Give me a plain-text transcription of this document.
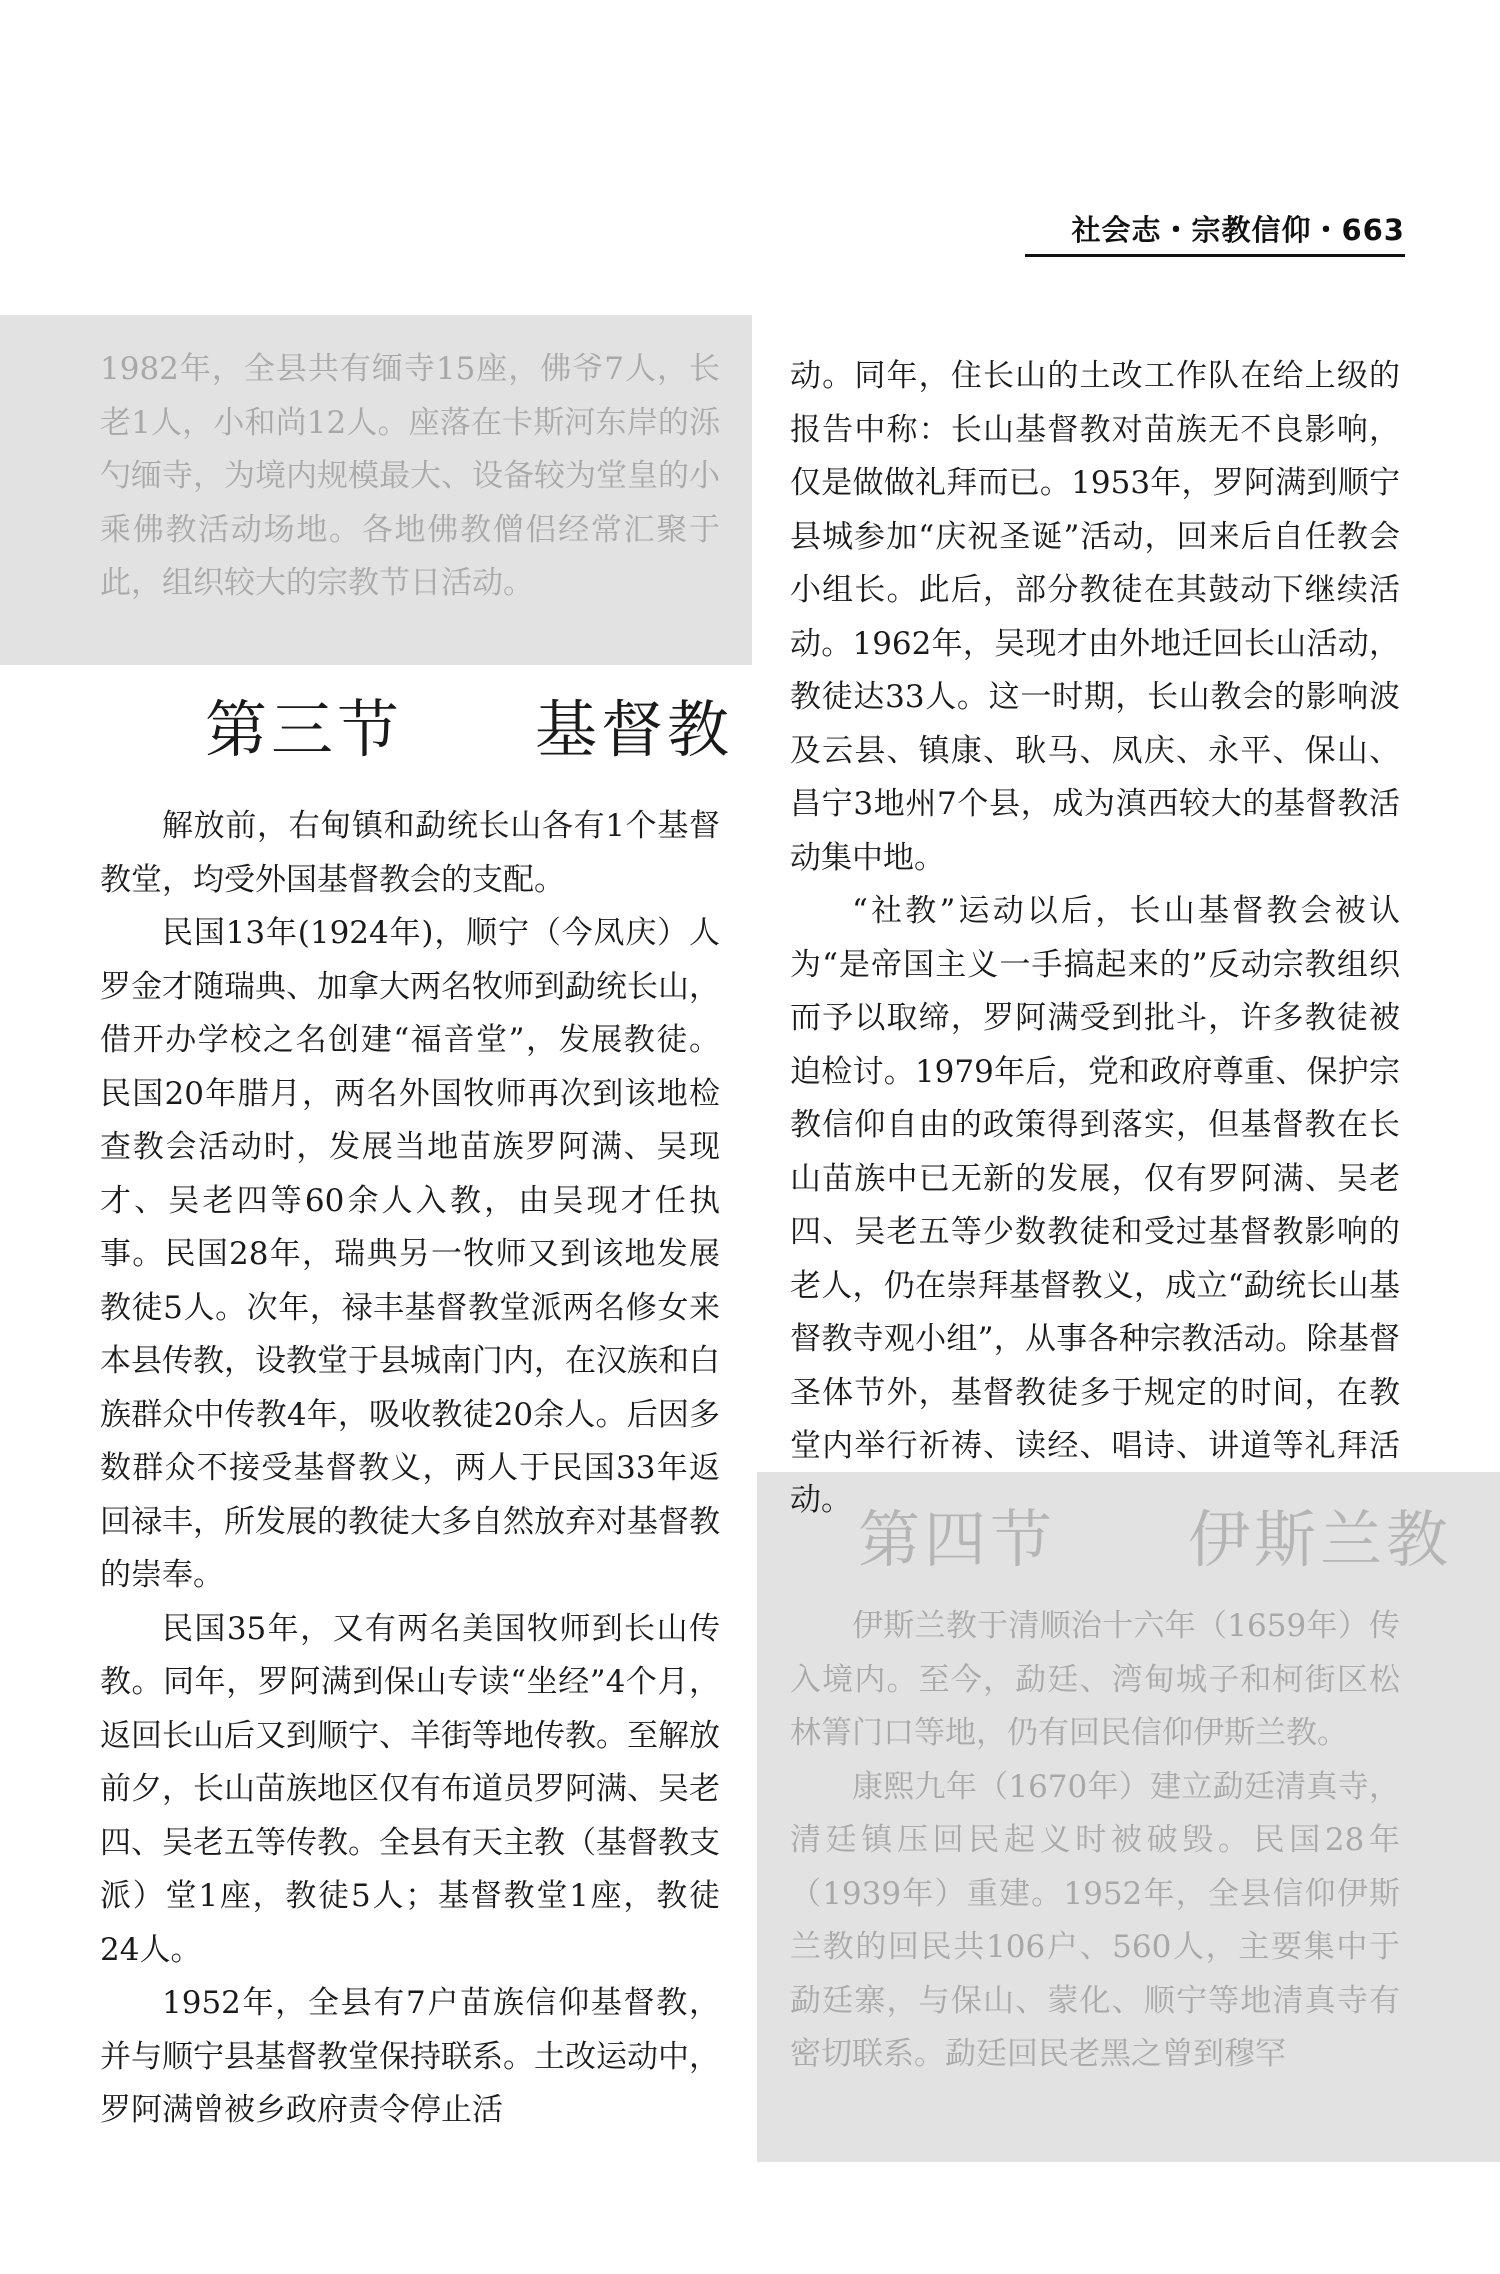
社会志・宗教信仰・663

1982年，全县共有缅寺15座，佛爷7人，长老1人，小和尚12人。座落在卡斯河东岸的泺勺缅寺，为境内规模最大、设备较为堂皇的小乘佛教活动场地。各地佛教僧侣经常汇聚于此，组织较大的宗教节日活动。

第三节　　基督教

解放前，右甸镇和勐统长山各有1个基督教堂，均受外国基督教会的支配。

民国13年(1924年)，顺宁（今凤庆）人罗金才随瑞典、加拿大两名牧师到勐统长山，借开办学校之名创建“福音堂”，发展教徒。民国20年腊月，两名外国牧师再次到该地检查教会活动时，发展当地苗族罗阿满、吴现才、吴老四等60余人入教，由吴现才任执事。民国28年，瑞典另一牧师又到该地发展教徒5人。次年，禄丰基督教堂派两名修女来本县传教，设教堂于县城南门内，在汉族和白族群众中传教4年，吸收教徒20余人。后因多数群众不接受基督教义，两人于民国33年返回禄丰，所发展的教徒大多自然放弃对基督教的崇奉。

民国35年，又有两名美国牧师到长山传教。同年，罗阿满到保山专读“坐经”4个月，返回长山后又到顺宁、羊街等地传教。至解放前夕，长山苗族地区仅有布道员罗阿满、吴老四、吴老五等传教。全县有天主教（基督教支派）堂1座，教徒5人；基督教堂1座，教徒24人。

1952年，全县有7户苗族信仰基督教，并与顺宁县基督教堂保持联系。土改运动中，罗阿满曾被乡政府责令停止活

动。同年，住长山的土改工作队在给上级的报告中称：长山基督教对苗族无不良影响，仅是做做礼拜而已。1953年，罗阿满到顺宁县城参加“庆祝圣诞”活动，回来后自任教会小组长。此后，部分教徒在其鼓动下继续活动。1962年，吴现才由外地迁回长山活动，教徒达33人。这一时期，长山教会的影响波及云县、镇康、耿马、凤庆、永平、保山、昌宁3地州7个县，成为滇西较大的基督教活动集中地。

“社教”运动以后，长山基督教会被认为“是帝国主义一手搞起来的”反动宗教组织而予以取缔，罗阿满受到批斗，许多教徒被迫检讨。1979年后，党和政府尊重、保护宗教信仰自由的政策得到落实，但基督教在长山苗族中已无新的发展，仅有罗阿满、吴老四、吴老五等少数教徒和受过基督教影响的老人，仍在崇拜基督教义，成立“勐统长山基督教寺观小组”，从事各种宗教活动。除基督圣体节外，基督教徒多于规定的时间，在教堂内举行祈祷、读经、唱诗、讲道等礼拜活动。

第四节　　伊斯兰教

伊斯兰教于清顺治十六年（1659年）传入境内。至今，勐廷、湾甸城子和柯街区松林箐门口等地，仍有回民信仰伊斯兰教。

康熙九年（1670年）建立勐廷清真寺，清廷镇压回民起义时被破毁。民国28年（1939年）重建。1952年，全县信仰伊斯兰教的回民共106户、560人，主要集中于勐廷寨，与保山、蒙化、顺宁等地清真寺有密切联系。勐廷回民老黑之曾到穆罕
